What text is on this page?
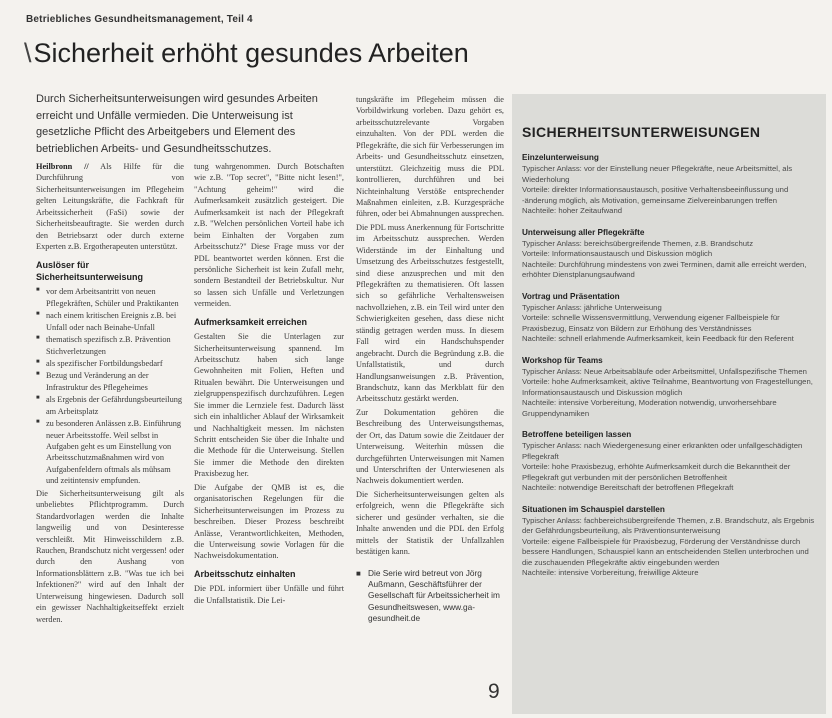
Betriebliches Gesundheitsmanagement, Teil 4
\Sicherheit erhöht gesundes Arbeiten
Durch Sicherheitsunterweisungen wird gesundes Arbeiten erreicht und Unfälle vermieden. Die Unterweisung ist gesetzliche Pflicht des Arbeitgebers und Element des betrieblichen Arbeits- und Gesundheitsschutzes.

Heilbronn // Als Hilfe für die Durchführung von Sicherheitsunterweisungen im Pflegeheim gelten Leitungskräfte, die Fachkraft für Arbeitssicherheit (FaSi) sowie der Sicherheitsbeauftragte. Sie werden durch den Betriebsarzt oder durch externe Experten z.B. Ergotherapeuten unterstützt.

Auslöser für Sicherheitsunterweisung
■ vor dem Arbeitsantritt von neuen Pflegekräften, Schüler und Praktikanten
■ nach einem kritischen Ereignis z.B. bei Unfall oder nach Beinahe-Unfall
■ thematisch spezifisch z.B. Prävention Stichverletzungen
■ als spezifischer Fortbildungsbedarf
■ Bezug und Veränderung an der Infrastruktur des Pflegeheimes
■ als Ergebnis der Gefährdungsbeurteilung am Arbeitsplatz
■ zu besonderen Anlässen z.B. Einführung neuer Arbeitsstoffe. Weil selbst in Aufgaben geht es um Einstellung von Arbeitsschutzmaßnahmen wird von Aufgabenfeldern oftmals als mühsam und zeitintensiv empfunden.

Die Sicherheitsunterweisung gilt als unbeliebtes Pflichtprogramm. Durch Standardvorlagen werden die Inhalte langweilig und von Desinteresse verschleißt. Mit Hinweisschildern z.B. Rauchen, Brandschutz nicht vergessen! oder durch den Aushang von Informationsblättern z.B. "Was tue ich bei Infektionen?" wird auf den Inhalt der Unterweisung hingewiesen. Dadurch soll ein gewisser Nachhaltigkeitseffekt erzielt werden.

tung wahrgenommen. Durch Botschaften wie z.B. "Top secret", "Bitte nicht lesen!", "Achtung geheim!" wird die Aufmerksamkeit zusätzlich gesteigert. Die Aufmerksamkeit ist nach der Pflegekraft z.B. "Welchen persönlichen Vorteil habe ich beim Einhalten der Vorgaben zum Arbeitsschutz?" Diese Frage muss vor der PDL beantwortet werden können. Erst die persönliche Sicherheit ist kein Zufall mehr, sondern Bestandteil der Betriebskultur. Nur so lassen sich Unfälle und Verletzungen vermeiden.

Aufmerksamkeit erreichen

Gestalten Sie die Unterlagen zur Sicherheitsunterweisung spannend. Im Arbeitsschutz haben sich lange Gewohnheiten mit Folien, Heften und Ritualen bewährt. Die Unterweisungen und zielgruppenspezifisch durchzuführen. Legen Sie immer die Lernziele fest. Dadurch lässt sich ein inhaltlicher Ablauf der Wirksamkeit und Nachhaltigkeit messen. Im nächsten Schritt entscheiden Sie über die Inhalte und die Methode für die Unterweisung. Stellen Sie immer die Methode den direkten Praxisbezug her.

Die Aufgabe der QMB ist es, die organisatorischen Regelungen für die Sicherheitsunterweisungen im Prozess zu beschreiben. Dieser Prozess beschreibt Anlässe, Verantwortlichkeiten, Methoden, die Unterweisung sowie Vorlagen für die Nachweisdokumentation.

Arbeitsschutz einhalten

Die PDL informiert über Unfälle und führt die Unfallstatistik. Die Lei-

tungskräfte im Pflegeheim müssen die Vorbildwirkung vorleben. Dazu gehört es, arbeitsschutzrelevante Vorgaben einzuhalten. Von der PDL werden die Pflegekräfte, die sich für Verbesserungen im Arbeits- und Gesundheitsschutz einsetzen, unterstützt. Gleichzeitig muss die PDL kontrollieren, durchführen und bei Nichteinhaltung Verstöße entsprechender Maßnahmen einleiten, z.B. Kurzgespräche führen, oder bei Abmahnungen aussprechen.

Die PDL muss Anerkennung für Fortschritte im Arbeitsschutz aussprechen. Werden Widerstände im der Einhaltung und Umsetzung des Arbeitsschutzes festgestellt, sind diese anzusprechen und mit den Pflegekräften zu thematisieren. Oft lassen sich so gefährliche Verhaltensweisen nachvollziehen, z.B. ein Teil wird unter den Schwierigkeiten gesehen, dass diese nicht ständig getragen werden muss. In diesem Fall wird ein Handschuhspender angebracht. Durch die Begründung z.B. die Unfallstatistik, und durch Handlungsanweisungen z.B. Prävention, Brandschutz, kann das Merkblatt für den Arbeitsschutz gestärkt werden.

Zur Dokumentation gehören die Beschreibung des Unterweisungsthemas, der Ort, das Datum sowie die Zeitdauer der Unterweisung. Weiterhin müssen die durchgeführten Unterweisungen mit Namen und Unterschriften der Unterwiesenen als Nachweis dokumentiert werden.

Die Sicherheitsunterweisungen gelten als erfolgreich, wenn die Pflegekräfte sich sicherer und gesünder verhalten, sie die Inhalte anwenden und die PDL den Erfolg mittels der Statistik der Unfallzahlen bestätigen kann.

■ Die Serie wird betreut von Jörg Außmann, Geschäftsführer der Gesellschaft für Arbeitssicherheit im Gesundheitswesen, www.ga-gesundheit.de
9
SICHERHEITSUNTERWEISUNGEN
Einzelunterweisung
Typischer Anlass: vor der Einstellung neuer Pflegekräfte, neue Arbeitsmittel, als Wiederholung
Vorteile: direkter Informationsaustausch, positive Verhaltensbeeinflussung und -änderung möglich, als Motivation, gemeinsame Zielvereinbarungen treffen
Nachteile: hoher Zeitaufwand
Unterweisung aller Pflegekräfte
Typischer Anlass: bereichsübergreifende Themen, z.B. Brandschutz
Vorteile: Informationsaustausch und Diskussion möglich
Nachteile: Durchführung mindestens von zwei Terminen, damit alle erreicht werden, erhöhter Dienstplanungsaufwand
Vortrag und Präsentation
Typischer Anlass: jährliche Unterweisung
Vorteile: schnelle Wissensvermittlung, Verwendung eigener Fallbeispiele für Praxisbezug, Einsatz von Bildern zur Erhöhung des Verständnisses
Nachteile: schnell erlahmende Aufmerksamkeit, kein Feedback für den Referent
Workshop für Teams
Typischer Anlass: Neue Arbeitsabläufe oder Arbeitsmittel, Unfallspezifische Themen
Vorteile: hohe Aufmerksamkeit, aktive Teilnahme, Beantwortung von Fragestellungen, Informationsaustausch und Diskussion möglich
Nachteile: intensive Vorbereitung, Moderation notwendig, unvorhersehbare Gruppendynamiken
Betroffene beteiligen lassen
Typischer Anlass: nach Wiedergenesung einer erkrankten oder unfallgeschädigten Pflegekraft
Vorteile: hohe Praxisbezug, erhöhte Aufmerksamkeit durch die Bekanntheit der Pflegekraft gut verbunden mit der persönlichen Betroffenheit
Nachteile: notwendige Bereitschaft der betroffenen Pflegekraft
Situationen im Schauspiel darstellen
Typischer Anlass: fachbereichsübergreifende Themen, z.B. Brandschutz, als Ergebnis der Gefährdungsbeurteilung, als Präventionsunterweisung
Vorteile: eigene Fallbeispiele für Praxisbezug, Förderung der Verständnisse durch bessere Handlungen, Schauspiel kann an entscheidenden Stellen unterbrochen und die zuschauenden Pflegekräfte aktiv eingebunden werden
Nachteile: intensive Vorbereitung, freiwillige Akteure
